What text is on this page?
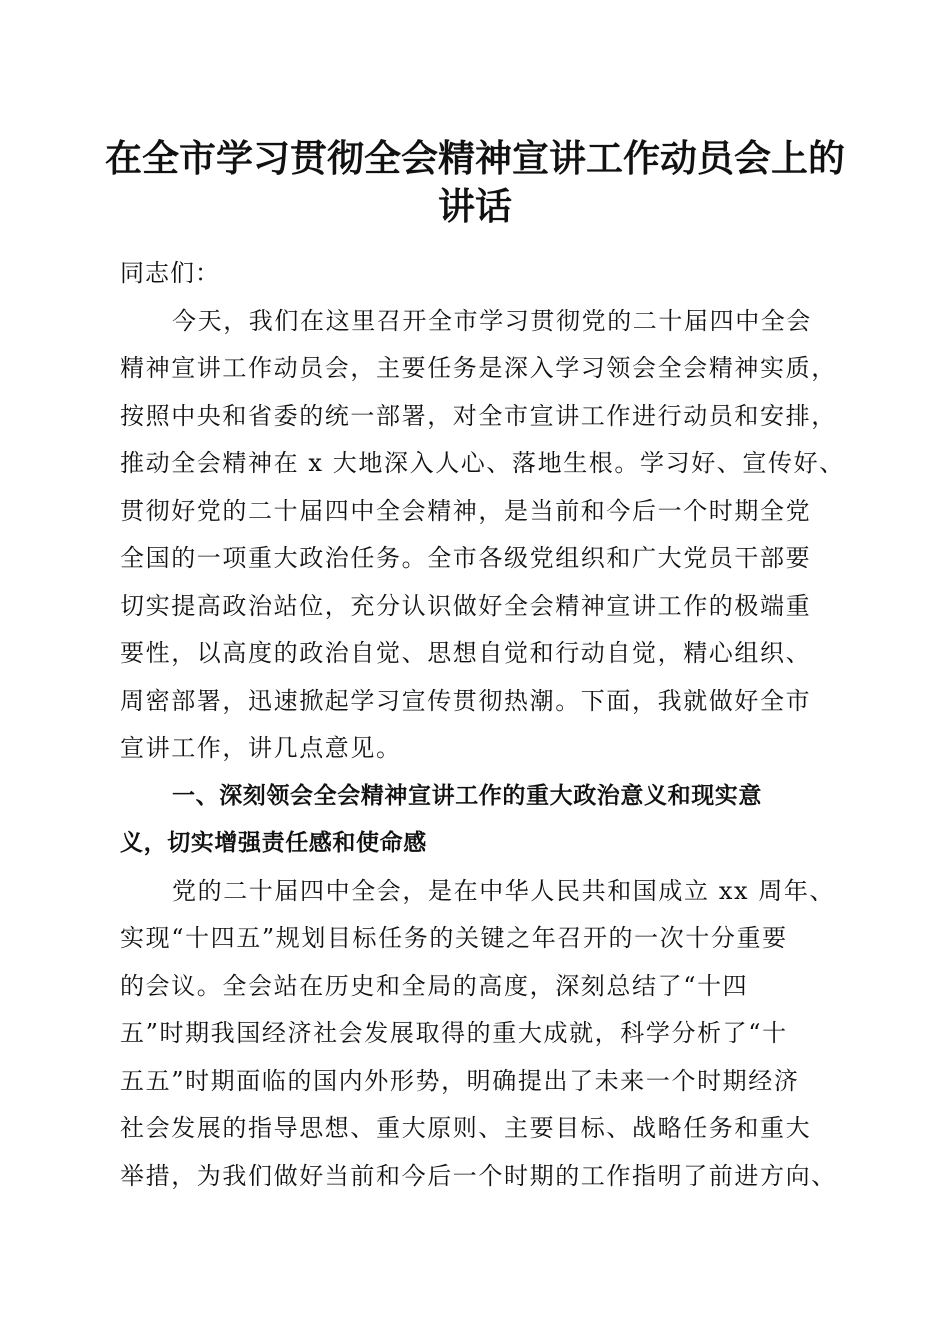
在全市学习贯彻全会精神宣讲工作动员会上的
讲话

同志们：

今天，我们在这里召开全市学习贯彻党的二十届四中全会
精神宣讲工作动员会，主要任务是深入学习领会全会精神实质，
按照中央和省委的统一部署，对全市宣讲工作进行动员和安排，
推动全会精神在 x 大地深入人心、落地生根。学习好、宣传好、
贯彻好党的二十届四中全会精神，是当前和今后一个时期全党
全国的一项重大政治任务。全市各级党组织和广大党员干部要
切实提高政治站位，充分认识做好全会精神宣讲工作的极端重
要性，以高度的政治自觉、思想自觉和行动自觉，精心组织、
周密部署，迅速掀起学习宣传贯彻热潮。下面，我就做好全市
宣讲工作，讲几点意见。

一、深刻领会全会精神宣讲工作的重大政治意义和现实意
义，切实增强责任感和使命感

党的二十届四中全会，是在中华人民共和国成立 xx 周年、
实现“十四五”规划目标任务的关键之年召开的一次十分重要
的会议。全会站在历史和全局的高度，深刻总结了“十四
五”时期我国经济社会发展取得的重大成就，科学分析了“十
五五”时期面临的国内外形势，明确提出了未来一个时期经济
社会发展的指导思想、重大原则、主要目标、战略任务和重大
举措，为我们做好当前和今后一个时期的工作指明了前进方向、
